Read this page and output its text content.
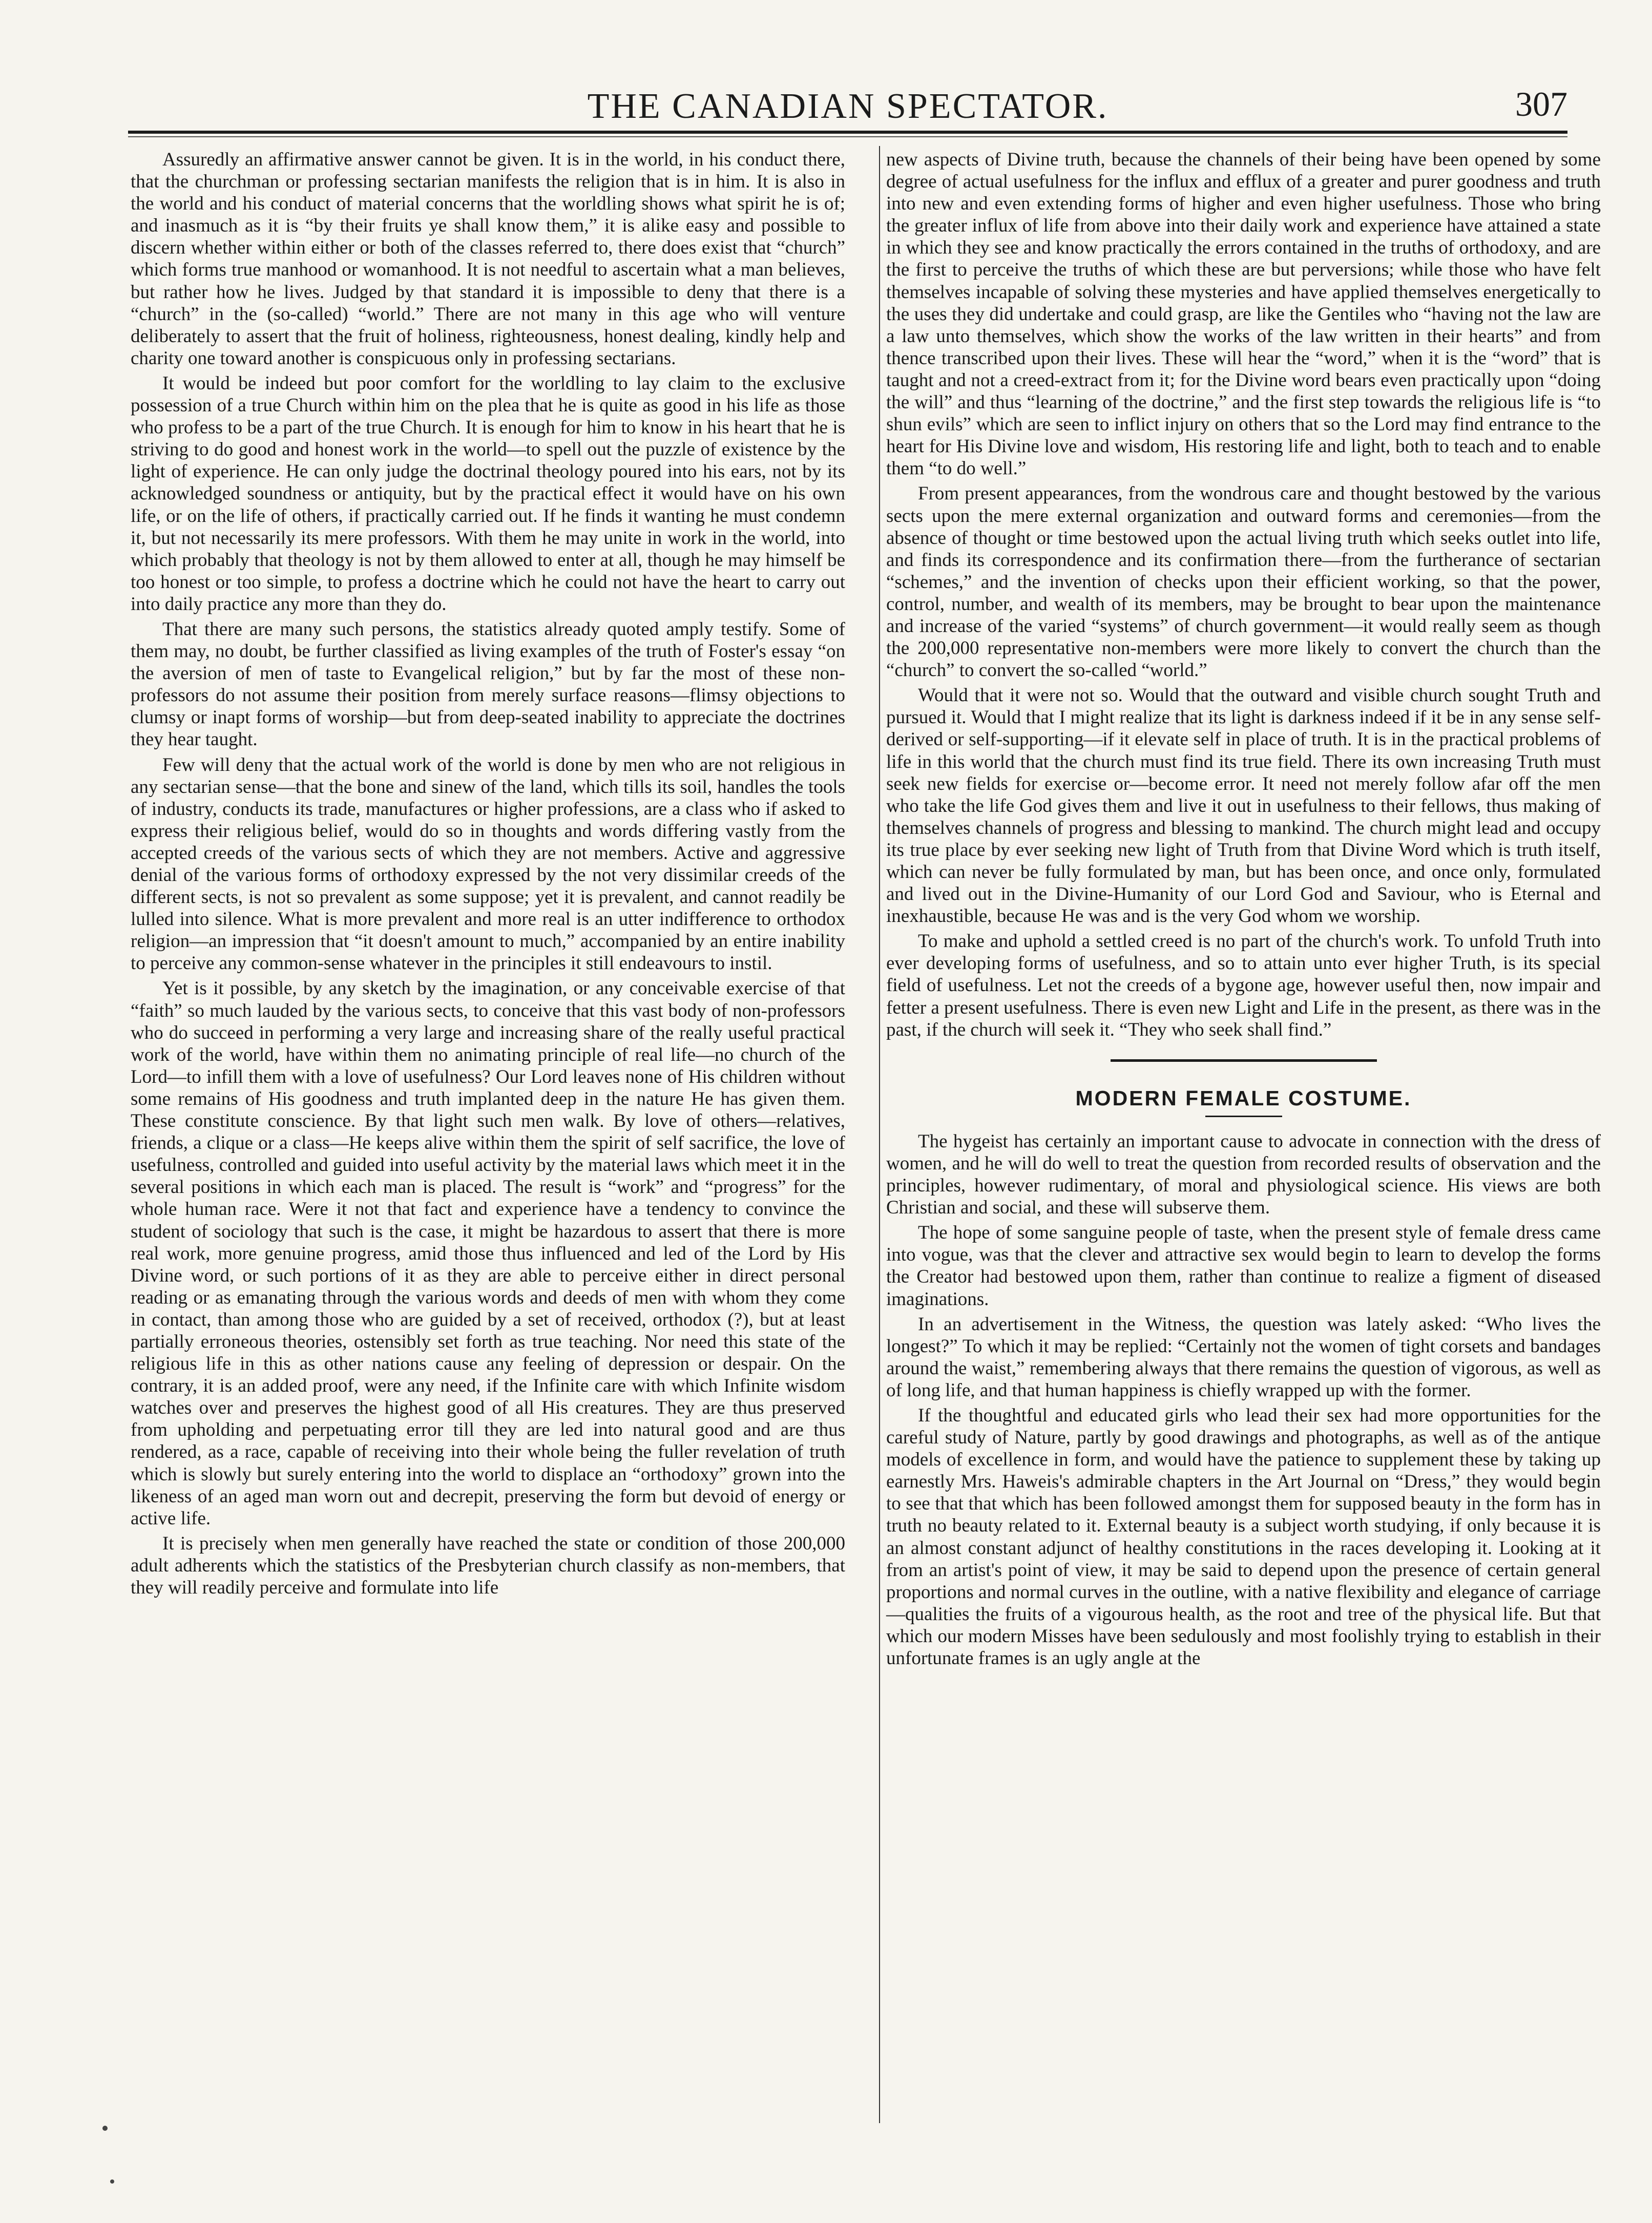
THE CANADIAN SPECTATOR.	307

Assuredly an affirmative answer cannot be given. It is in the world, in his conduct there, that the churchman or professing sectarian manifests the religion that is in him. It is also in the world and his conduct of material concerns that the worldling shows what spirit he is of; and inasmuch as it is “by their fruits ye shall know them,” it is alike easy and possible to discern whether within either or both of the classes referred to, there does exist that “church” which forms true manhood or womanhood. It is not needful to ascertain what a man believes, but rather how he lives. Judged by that standard it is impossible to deny that there is a “church” in the (so-called) “world.” There are not many in this age who will venture deliberately to assert that the fruit of holiness, righteousness, honest dealing, kindly help and charity one toward another is conspicuous only in professing sectarians.

It would be indeed but poor comfort for the worldling to lay claim to the exclusive possession of a true Church within him on the plea that he is quite as good in his life as those who profess to be a part of the true Church. It is enough for him to know in his heart that he is striving to do good and honest work in the world—to spell out the puzzle of existence by the light of experience. He can only judge the doctrinal theology poured into his ears, not by its acknowledged soundness or antiquity, but by the practical effect it would have on his own life, or on the life of others, if practically carried out. If he finds it wanting he must condemn it, but not necessarily its mere professors. With them he may unite in work in the world, into which probably that theology is not by them allowed to enter at all, though he may himself be too honest or too simple, to profess a doctrine which he could not have the heart to carry out into daily practice any more than they do.

That there are many such persons, the statistics already quoted amply testify. Some of them may, no doubt, be further classified as living examples of the truth of Foster's essay “on the aversion of men of taste to Evangelical religion,” but by far the most of these non-professors do not assume their position from merely surface reasons—flimsy objections to clumsy or inapt forms of worship—but from deep-seated inability to appreciate the doctrines they hear taught.

Few will deny that the actual work of the world is done by men who are not religious in any sectarian sense—that the bone and sinew of the land, which tills its soil, handles the tools of industry, conducts its trade, manufactures or higher professions, are a class who if asked to express their religious belief, would do so in thoughts and words differing vastly from the accepted creeds of the various sects of which they are not members. Active and aggressive denial of the various forms of orthodoxy expressed by the not very dissimilar creeds of the different sects, is not so prevalent as some suppose; yet it is prevalent, and cannot readily be lulled into silence. What is more prevalent and more real is an utter indifference to orthodox religion—an impression that “it doesn't amount to much,” accompanied by an entire inability to perceive any common-sense whatever in the principles it still endeavours to instil.

Yet is it possible, by any sketch by the imagination, or any conceivable exercise of that “faith” so much lauded by the various sects, to conceive that this vast body of non-professors who do succeed in performing a very large and increasing share of the really useful practical work of the world, have within them no animating principle of real life—no church of the Lord—to infill them with a love of usefulness? Our Lord leaves none of His children without some remains of His goodness and truth implanted deep in the nature He has given them. These constitute conscience. By that light such men walk. By love of others—relatives, friends, a clique or a class—He keeps alive within them the spirit of self sacrifice, the love of usefulness, controlled and guided into useful activity by the material laws which meet it in the several positions in which each man is placed. The result is “work” and “progress” for the whole human race. Were it not that fact and experience have a tendency to convince the student of sociology that such is the case, it might be hazardous to assert that there is more real work, more genuine progress, amid those thus influenced and led of the Lord by His Divine word, or such portions of it as they are able to perceive either in direct personal reading or as emanating through the various words and deeds of men with whom they come in contact, than among those who are guided by a set of received, orthodox (?), but at least partially erroneous theories, ostensibly set forth as true teaching. Nor need this state of the religious life in this as other nations cause any feeling of depression or despair. On the contrary, it is an added proof, were any need, if the Infinite care with which Infinite wisdom watches over and preserves the highest good of all His creatures. They are thus preserved from upholding and perpetuating error till they are led into natural good and are thus rendered, as a race, capable of receiving into their whole being the fuller revelation of truth which is slowly but surely entering into the world to displace an “orthodoxy” grown into the likeness of an aged man worn out and decrepit, preserving the form but devoid of energy or active life.

It is precisely when men generally have reached the state or condition of those 200,000 adult adherents which the statistics of the Presbyterian church classify as non-members, that they will readily perceive and formulate into life

new aspects of Divine truth, because the channels of their being have been opened by some degree of actual usefulness for the influx and efflux of a greater and purer goodness and truth into new and even extending forms of higher and even higher usefulness. Those who bring the greater influx of life from above into their daily work and experience have attained a state in which they see and know practically the errors contained in the truths of orthodoxy, and are the first to perceive the truths of which these are but perversions; while those who have felt themselves incapable of solving these mysteries and have applied themselves energetically to the uses they did undertake and could grasp, are like the Gentiles who “having not the law are a law unto themselves, which show the works of the law written in their hearts” and from thence transcribed upon their lives. These will hear the “word,” when it is the “word” that is taught and not a creed-extract from it; for the Divine word bears even practically upon “doing the will” and thus “learning of the doctrine,” and the first step towards the religious life is “to shun evils” which are seen to inflict injury on others that so the Lord may find entrance to the heart for His Divine love and wisdom, His restoring life and light, both to teach and to enable them “to do well.”

From present appearances, from the wondrous care and thought bestowed by the various sects upon the mere external organization and outward forms and ceremonies—from the absence of thought or time bestowed upon the actual living truth which seeks outlet into life, and finds its correspondence and its confirmation there—from the furtherance of sectarian “schemes,” and the invention of checks upon their efficient working, so that the power, control, number, and wealth of its members, may be brought to bear upon the maintenance and increase of the varied “systems” of church government—it would really seem as though the 200,000 representative non-members were more likely to convert the church than the “church” to convert the so-called “world.”

Would that it were not so. Would that the outward and visible church sought Truth and pursued it. Would that I might realize that its light is darkness indeed if it be in any sense self-derived or self-supporting—if it elevate self in place of truth. It is in the practical problems of life in this world that the church must find its true field. There its own increasing Truth must seek new fields for exercise or—become error. It need not merely follow afar off the men who take the life God gives them and live it out in usefulness to their fellows, thus making of themselves channels of progress and blessing to mankind. The church might lead and occupy its true place by ever seeking new light of Truth from that Divine Word which is truth itself, which can never be fully formulated by man, but has been once, and once only, formulated and lived out in the Divine-Humanity of our Lord God and Saviour, who is Eternal and inexhaustible, because He was and is the very God whom we worship.

To make and uphold a settled creed is no part of the church's work. To unfold Truth into ever developing forms of usefulness, and so to attain unto ever higher Truth, is its special field of usefulness. Let not the creeds of a bygone age, however useful then, now impair and fetter a present usefulness. There is even new Light and Life in the present, as there was in the past, if the church will seek it. “They who seek shall find.”

MODERN FEMALE COSTUME.

The hygeist has certainly an important cause to advocate in connection with the dress of women, and he will do well to treat the question from recorded results of observation and the principles, however rudimentary, of moral and physiological science. His views are both Christian and social, and these will subserve them.

The hope of some sanguine people of taste, when the present style of female dress came into vogue, was that the clever and attractive sex would begin to learn to develop the forms the Creator had bestowed upon them, rather than continue to realize a figment of diseased imaginations.

In an advertisement in the Witness, the question was lately asked: “Who lives the longest?” To which it may be replied: “Certainly not the women of tight corsets and bandages around the waist,” remembering always that there remains the question of vigorous, as well as of long life, and that human happiness is chiefly wrapped up with the former.

If the thoughtful and educated girls who lead their sex had more opportunities for the careful study of Nature, partly by good drawings and photographs, as well as of the antique models of excellence in form, and would have the patience to supplement these by taking up earnestly Mrs. Haweis's admirable chapters in the Art Journal on “Dress,” they would begin to see that that which has been followed amongst them for supposed beauty in the form has in truth no beauty related to it. External beauty is a subject worth studying, if only because it is an almost constant adjunct of healthy constitutions in the races developing it. Looking at it from an artist's point of view, it may be said to depend upon the presence of certain general proportions and normal curves in the outline, with a native flexibility and elegance of carriage—qualities the fruits of a vigourous health, as the root and tree of the physical life. But that which our modern Misses have been sedulously and most foolishly trying to establish in their unfortunate frames is an ugly angle at the
